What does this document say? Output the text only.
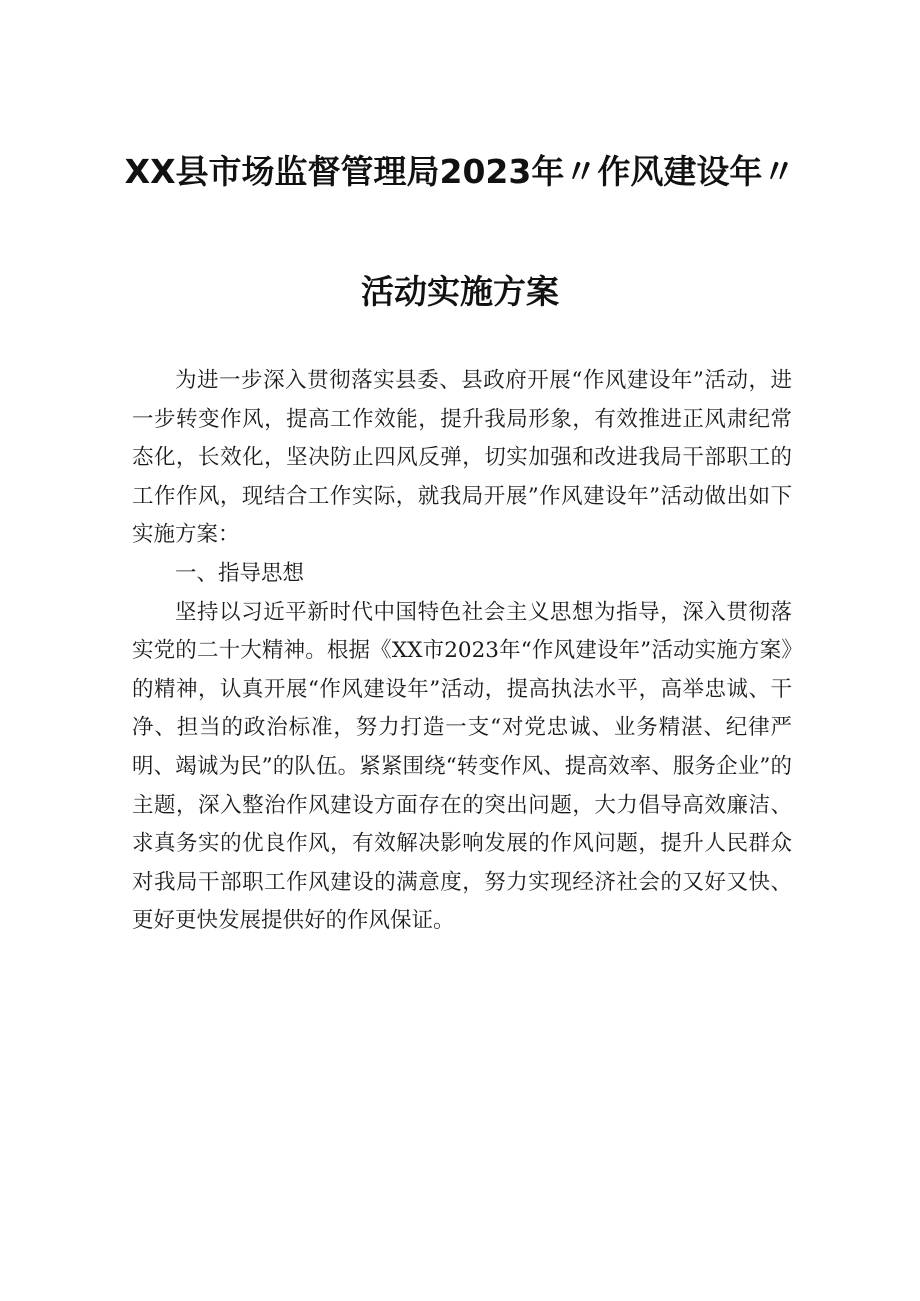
XX县市场监督管理局2023年〃作风建设年〃
活动实施方案

为进一步深入贯彻落实县委、县政府开展“作风建设年”活动，进一步转变作风，提高工作效能，提升我局形象，有效推进正风肃纪常态化，长效化，坚决防止四风反弹，切实加强和改进我局干部职工的工作作风，现结合工作实际，就我局开展”作风建设年”活动做出如下实施方案：

一、指导思想

坚持以习近平新时代中国特色社会主义思想为指导，深入贯彻落实党的二十大精神。根据《XX市2023年“作风建设年”活动实施方案》的精神，认真开展“作风建设年”活动，提高执法水平，高举忠诚、干净、担当的政治标准，努力打造一支“对党忠诚、业务精湛、纪律严明、竭诚为民”的队伍。紧紧围绕“转变作风、提高效率、服务企业”的主题，深入整治作风建设方面存在的突出问题，大力倡导高效廉洁、求真务实的优良作风，有效解决影响发展的作风问题，提升人民群众对我局干部职工作风建设的满意度，努力实现经济社会的又好又快、更好更快发展提供好的作风保证。
